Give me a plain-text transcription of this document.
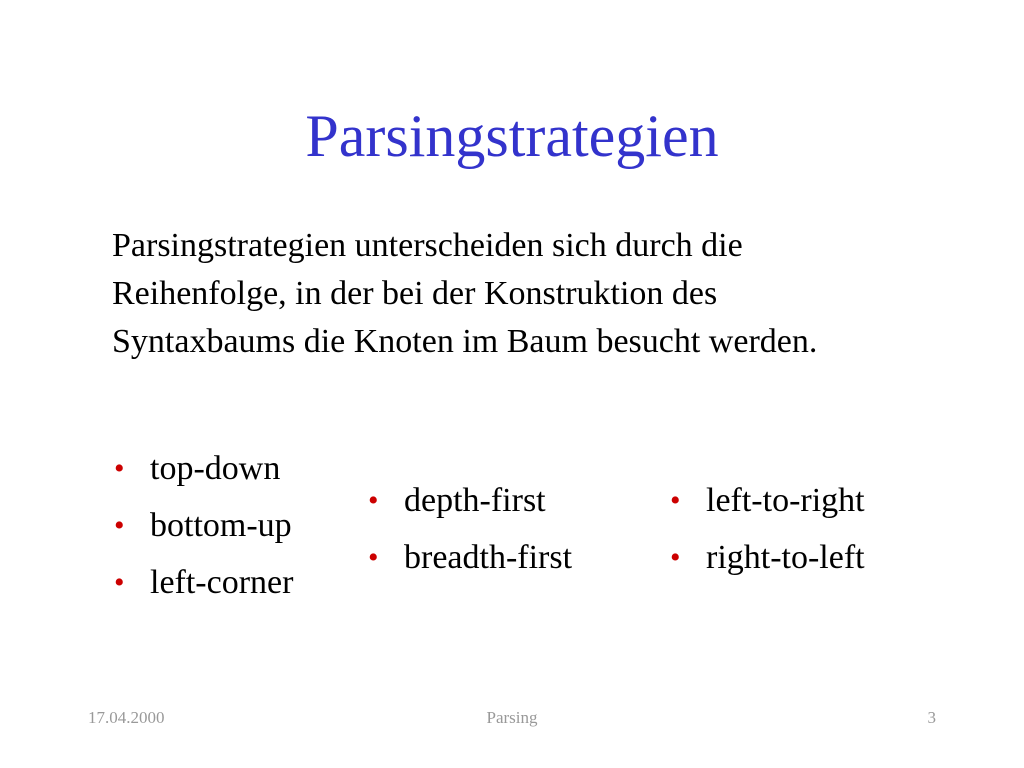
Parsingstrategien

Parsingstrategien unterscheiden sich durch die
Reihenfolge, in der bei der Konstruktion des
Syntaxbaums die Knoten im Baum besucht werden.

• top-down
• bottom-up
• left-corner
• depth-first
• breadth-first
• left-to-right
• right-to-left
17.04.2000	Parsing	3
